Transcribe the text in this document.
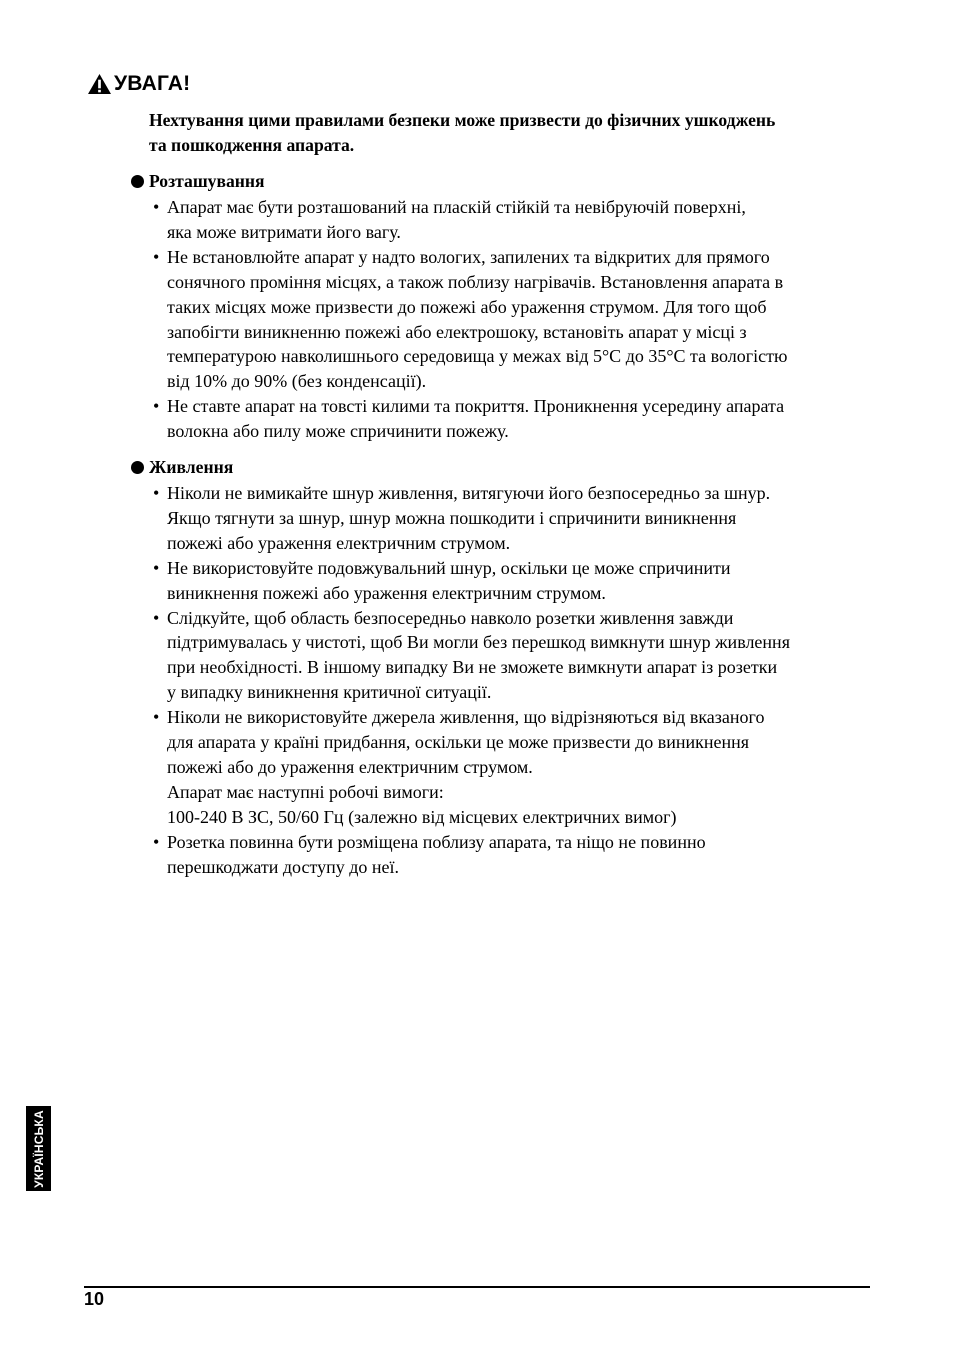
УВАГА!
Нехтування цими правилами безпеки може призвести до фізичних ушкоджень
та пошкодження апарата.
Розташування
• Апарат має бути розташований на пласкій стійкій та невібруючій поверхні,
яка може витримати його вагу.
• Не встановлюйте апарат у надто вологих, запилених та відкритих для прямого
сонячного проміння місцях, а також поблизу нагрівачів. Встановлення апарата в
таких місцях може призвести до пожежі або ураження струмом. Для того щоб
запобігти виникненню пожежі або електрошоку, встановіть апарат у місці з
температурою навколишнього середовища у межах від 5°C до 35°C та вологістю
від 10% до 90% (без конденсації).
• Не ставте апарат на товсті килими та покриття. Проникнення усередину апарата
волокна або пилу може спричинити пожежу.
Живлення
• Ніколи не вимикайте шнур живлення, витягуючи його безпосередньо за шнур.
Якщо тягнути за шнур, шнур можна пошкодити і спричинити виникнення
пожежі або ураження електричним струмом.
• Не використовуйте подовжувальний шнур, оскільки це може спричинити
виникнення пожежі або ураження електричним струмом.
• Слідкуйте, щоб область безпосередньо навколо розетки живлення завжди
підтримувалась у чистоті, щоб Ви могли без перешкод вимкнути шнур живлення
при необхідності. В іншому випадку Ви не зможете вимкнути апарат із розетки
у випадку виникнення критичної ситуації.
• Ніколи не використовуйте джерела живлення, що відрізняються від вказаного
для апарата у країні придбання, оскільки це може призвести до виникнення
пожежі або до ураження електричним струмом.
Апарат має наступні робочі вимоги:
100-240 В ЗС, 50/60 Гц (залежно від місцевих електричних вимог)
• Розетка повинна бути розміщена поблизу апарата, та ніщо не повинно
перешкоджати доступу до неї.
УКРАЇНСЬКА
10
